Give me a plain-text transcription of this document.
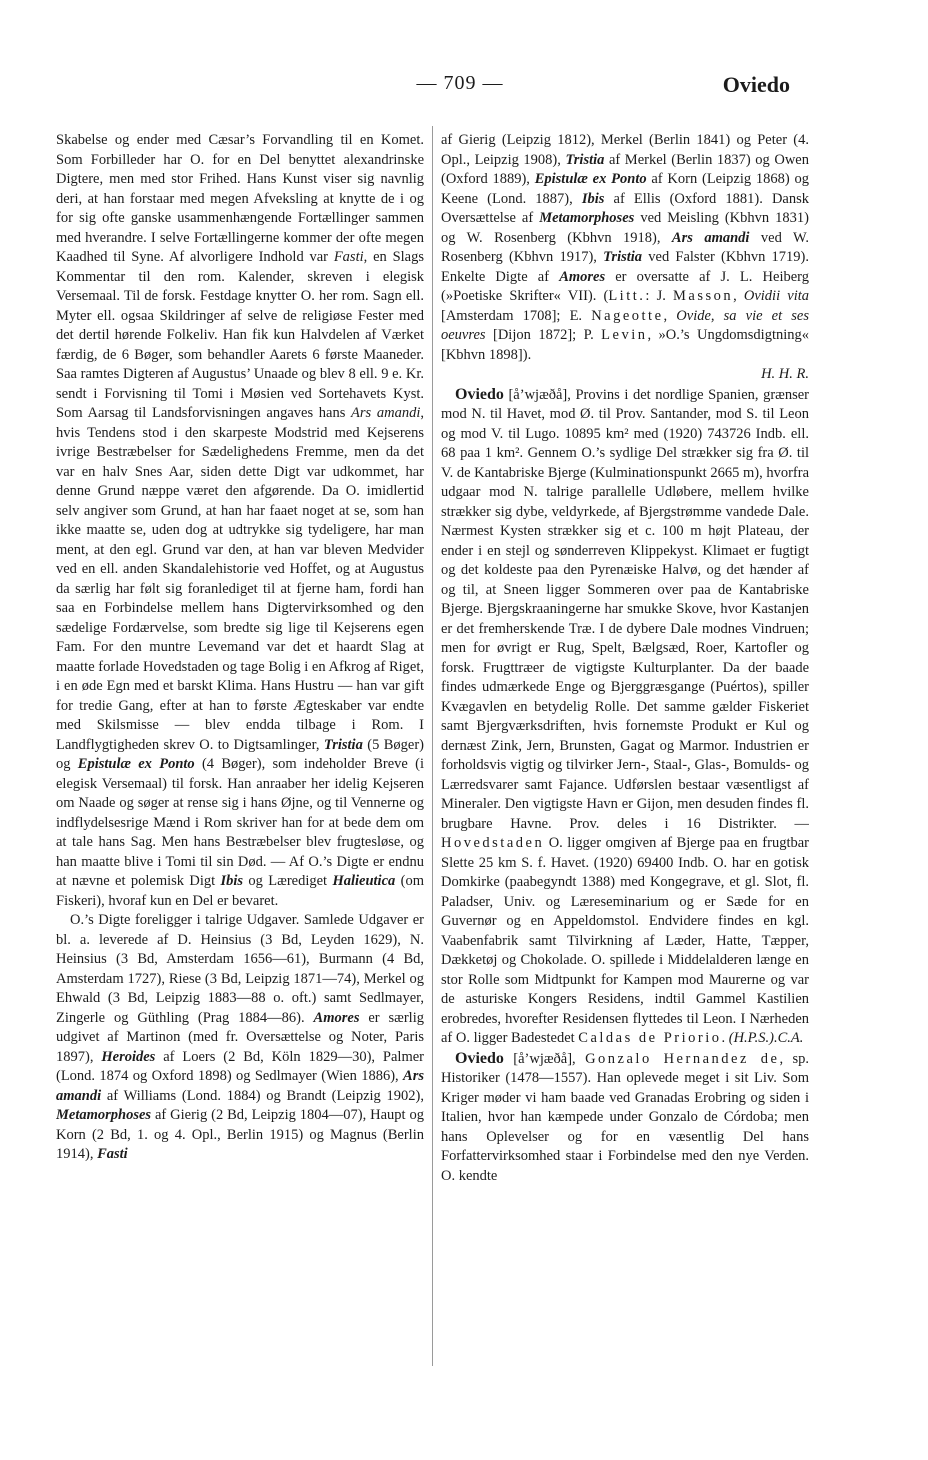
— 709 —	Oviedo

Skabelse og ender med Cæsar’s Forvandling til en Komet. Som Forbilleder har O. for en Del benyttet alexandrinske Digtere, men med stor Frihed. Hans Kunst viser sig navnlig deri, at han forstaar med megen Afveksling at knytte de i og for sig ofte ganske usammenhængende Fortællinger sammen med hverandre. I selve Fortællingerne kommer der ofte megen Kaadhed til Syne. Af alvorligere Indhold var Fasti, en Slags Kommentar til den rom. Kalender, skreven i elegisk Versemaal. Til de forsk. Festdage knytter O. her rom. Sagn ell. Myter ell. ogsaa Skildringer af selve de religiøse Fester med det dertil hørende Folkeliv. Han fik kun Halvdelen af Værket færdig, de 6 Bøger, som behandler Aarets 6 første Maaneder. Saa ramtes Digteren af Augustus’ Unaade og blev 8 ell. 9 e. Kr. sendt i Forvisning til Tomi i Møsien ved Sortehavets Kyst. Som Aarsag til Landsforvisningen angaves hans Ars amandi, hvis Tendens stod i den skarpeste Modstrid med Kejserens ivrige Bestræbelser for Sædelighedens Fremme, men da det var en halv Snes Aar, siden dette Digt var udkommet, har denne Grund næppe været den afgørende. Da O. imidlertid selv angiver som Grund, at han har faaet noget at se, som han ikke maatte se, uden dog at udtrykke sig tydeligere, har man ment, at den egl. Grund var den, at han var bleven Medvider ved en ell. anden Skandalehistorie ved Hoffet, og at Augustus da særlig har følt sig foranlediget til at fjerne ham, fordi han saa en Forbindelse mellem hans Digtervirksomhed og den sædelige Fordærvelse, som bredte sig lige til Kejserens egen Fam. For den muntre Levemand var det et haardt Slag at maatte forlade Hovedstaden og tage Bolig i en Afkrog af Riget, i en øde Egn med et barskt Klima. Hans Hustru — han var gift for tredie Gang, efter at han to første Ægteskaber var endte med Skilsmisse — blev endda tilbage i Rom. I Landflygtigheden skrev O. to Digtsamlinger, Tristia (5 Bøger) og Epistulæ ex Ponto (4 Bøger), som indeholder Breve (i elegisk Versemaal) til forsk. Han anraaber her idelig Kejseren om Naade og søger at rense sig i hans Øjne, og til Vennerne og indflydelsesrige Mænd i Rom skriver han for at bede dem om at tale hans Sag. Men hans Bestræbelser blev frugtesløse, og han maatte blive i Tomi til sin Død. — Af O.’s Digte er endnu at nævne et polemisk Digt Ibis og Lærediget Halieutica (om Fiskeri), hvoraf kun en Del er bevaret.

O.’s Digte foreligger i talrige Udgaver. Samlede Udgaver er bl. a. leverede af D. Heinsius (3 Bd, Leyden 1629), N. Heinsius (3 Bd, Amsterdam 1656—61), Burmann (4 Bd, Amsterdam 1727), Riese (3 Bd, Leipzig 1871—74), Merkel og Ehwald (3 Bd, Leipzig 1883—88 o. oft.) samt Sedlmayer, Zingerle og Güthling (Prag 1884—86). Amores er særlig udgivet af Martinon (med fr. Oversættelse og Noter, Paris 1897), Heroides af Loers (2 Bd, Köln 1829—30), Palmer (Lond. 1874 og Oxford 1898) og Sedlmayer (Wien 1886), Ars amandi af Williams (Lond. 1884) og Brandt (Leipzig 1902), Metamorphoses af Gierig (2 Bd, Leipzig 1804—07), Haupt og Korn (2 Bd, 1. og 4. Opl., Berlin 1915) og Magnus (Berlin 1914), Fasti

af Gierig (Leipzig 1812), Merkel (Berlin 1841) og Peter (4. Opl., Leipzig 1908), Tristia af Merkel (Berlin 1837) og Owen (Oxford 1889), Epistulæ ex Ponto af Korn (Leipzig 1868) og Keene (Lond. 1887), Ibis af Ellis (Oxford 1881). Dansk Oversættelse af Metamorphoses ved Meisling (Kbhvn 1831) og W. Rosenberg (Kbhvn 1918), Ars amandi ved W. Rosenberg (Kbhvn 1917), Tristia ved Falster (Kbhvn 1719). Enkelte Digte af Amores er oversatte af J. L. Heiberg (»Poetiske Skrifter« VII). (Litt.: J. Masson, Ovidii vita [Amsterdam 1708]; E. Nageotte, Ovide, sa vie et ses oeuvres [Dijon 1872]; P. Levin, »O.’s Ungdomsdigtning« [Kbhvn 1898]).

H. H. R.

Oviedo [å’wjæðå], Provins i det nordlige Spanien, grænser mod N. til Havet, mod Ø. til Prov. Santander, mod S. til Leon og mod V. til Lugo. 10895 km² med (1920) 743726 Indb. ell. 68 paa 1 km². Gennem O.’s sydlige Del strækker sig fra Ø. til V. de Kantabriske Bjerge (Kulminationspunkt 2665 m), hvorfra udgaar mod N. talrige parallelle Udløbere, mellem hvilke strækker sig dybe, veldyrkede, af Bjergstrømme vandede Dale. Nærmest Kysten strækker sig et c. 100 m højt Plateau, der ender i en stejl og sønderreven Klippekyst. Klimaet er fugtigt og det koldeste paa den Pyrenæiske Halvø, og det hænder af og til, at Sneen ligger Sommeren over paa de Kantabriske Bjerge. Bjergskraaningerne har smukke Skove, hvor Kastanjen er det fremherskende Træ. I de dybere Dale modnes Vindruen; men for øvrigt er Rug, Spelt, Bælgsæd, Roer, Kartofler og forsk. Frugttræer de vigtigste Kulturplanter. Da der baade findes udmærkede Enge og Bjerggræsgange (Puértos), spiller Kvægavlen en betydelig Rolle. Det samme gælder Fiskeriet samt Bjergværksdriften, hvis fornemste Produkt er Kul og dernæst Zink, Jern, Brunsten, Gagat og Marmor. Industrien er forholdsvis vigtig og tilvirker Jern-, Staal-, Glas-, Bomulds- og Lærredsvarer samt Fajance. Udførslen bestaar væsentligst af Mineraler. Den vigtigste Havn er Gijon, men desuden findes fl. brugbare Havne. Prov. deles i 16 Distrikter. — Hovedstaden O. ligger omgiven af Bjerge paa en frugtbar Slette 25 km S. f. Havet. (1920) 69400 Indb. O. har en gotisk Domkirke (paabegyndt 1388) med Kongegrave, et gl. Slot, fl. Paladser, Univ. og Læreseminarium og er Sæde for en Guvernør og en Appeldomstol. Endvidere findes en kgl. Vaabenfabrik samt Tilvirkning af Læder, Hatte, Tæpper, Dækketøj og Chokolade. O. spillede i Middelalderen længe en stor Rolle som Midtpunkt for Kampen mod Maurerne og var de asturiske Kongers Residens, indtil Gammel Kastilien erobredes, hvorefter Residensen flyttedes til Leon. I Nærheden af O. ligger Badestedet Caldas de Priorio. (H.P.S.).C.A.

Oviedo [å’wjæðå], Gonzalo Hernandez de, sp. Historiker (1478—1557). Han oplevede meget i sit Liv. Som Kriger møder vi ham baade ved Granadas Erobring og siden i Italien, hvor han kæmpede under Gonzalo de Córdoba; men hans Oplevelser og for en væsentlig Del hans Forfattervirksomhed staar i Forbindelse med den nye Verden. O. kendte
